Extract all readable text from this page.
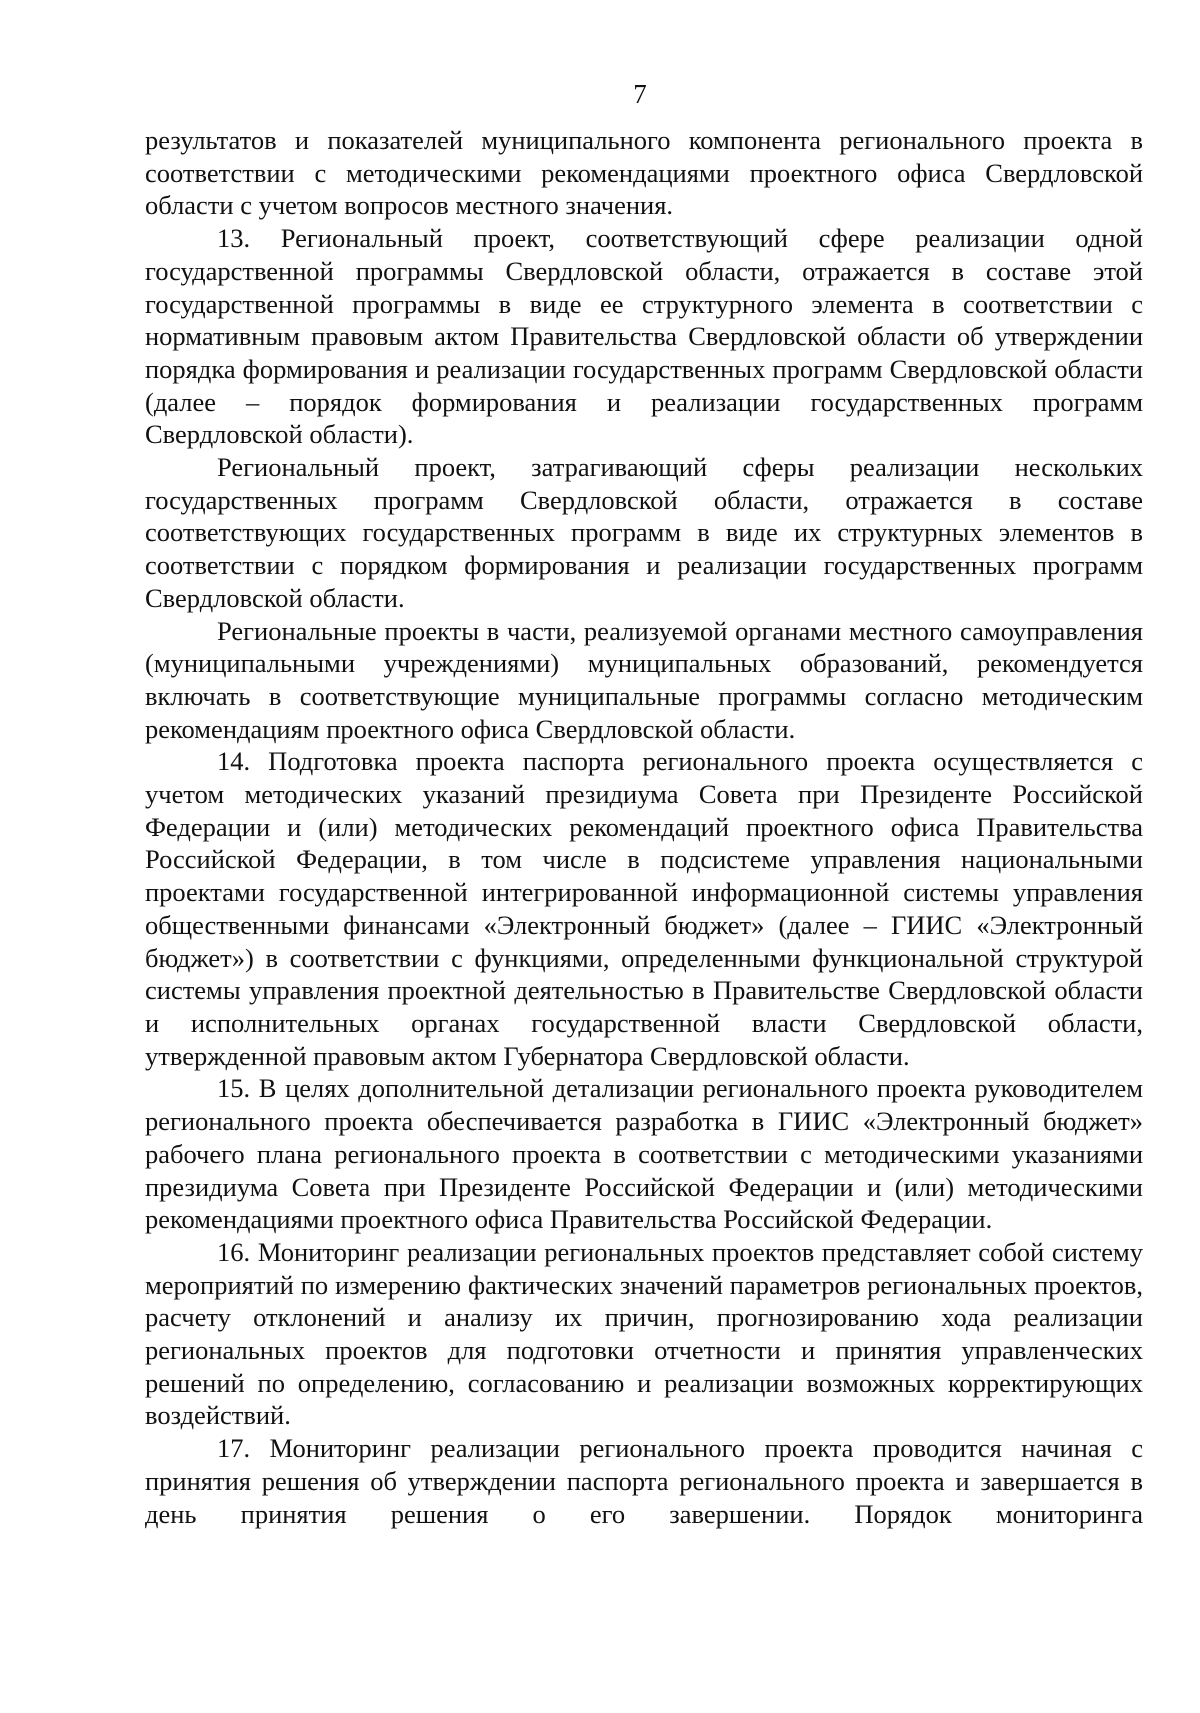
7

результатов и показателей муниципального компонента регионального проекта в соответствии с методическими рекомендациями проектного офиса Свердловской области с учетом вопросов местного значения.

13. Региональный проект, соответствующий сфере реализации одной государственной программы Свердловской области, отражается в составе этой государственной программы в виде ее структурного элемента в соответствии с нормативным правовым актом Правительства Свердловской области об утверждении порядка формирования и реализации государственных программ Свердловской области (далее – порядок формирования и реализации государственных программ Свердловской области).

Региональный проект, затрагивающий сферы реализации нескольких государственных программ Свердловской области, отражается в составе соответствующих государственных программ в виде их структурных элементов в соответствии с порядком формирования и реализации государственных программ Свердловской области.

Региональные проекты в части, реализуемой органами местного самоуправления (муниципальными учреждениями) муниципальных образований, рекомендуется включать в соответствующие муниципальные программы согласно методическим рекомендациям проектного офиса Свердловской области.

14. Подготовка проекта паспорта регионального проекта осуществляется с учетом методических указаний президиума Совета при Президенте Российской Федерации и (или) методических рекомендаций проектного офиса Правительства Российской Федерации, в том числе в подсистеме управления национальными проектами государственной интегрированной информационной системы управления общественными финансами «Электронный бюджет» (далее – ГИИС «Электронный бюджет») в соответствии с функциями, определенными функциональной структурой системы управления проектной деятельностью в Правительстве Свердловской области и исполнительных органах государственной власти Свердловской области, утвержденной правовым актом Губернатора Свердловской области.

15. В целях дополнительной детализации регионального проекта руководителем регионального проекта обеспечивается разработка в ГИИС «Электронный бюджет» рабочего плана регионального проекта в соответствии с методическими указаниями президиума Совета при Президенте Российской Федерации и (или) методическими рекомендациями проектного офиса Правительства Российской Федерации.

16. Мониторинг реализации региональных проектов представляет собой систему мероприятий по измерению фактических значений параметров региональных проектов, расчету отклонений и анализу их причин, прогнозированию хода реализации региональных проектов для подготовки отчетности и принятия управленческих решений по определению, согласованию и реализации возможных корректирующих воздействий.

17. Мониторинг реализации регионального проекта проводится начиная с принятия решения об утверждении паспорта регионального проекта и завершается в день принятия решения о его завершении. Порядок мониторинга
